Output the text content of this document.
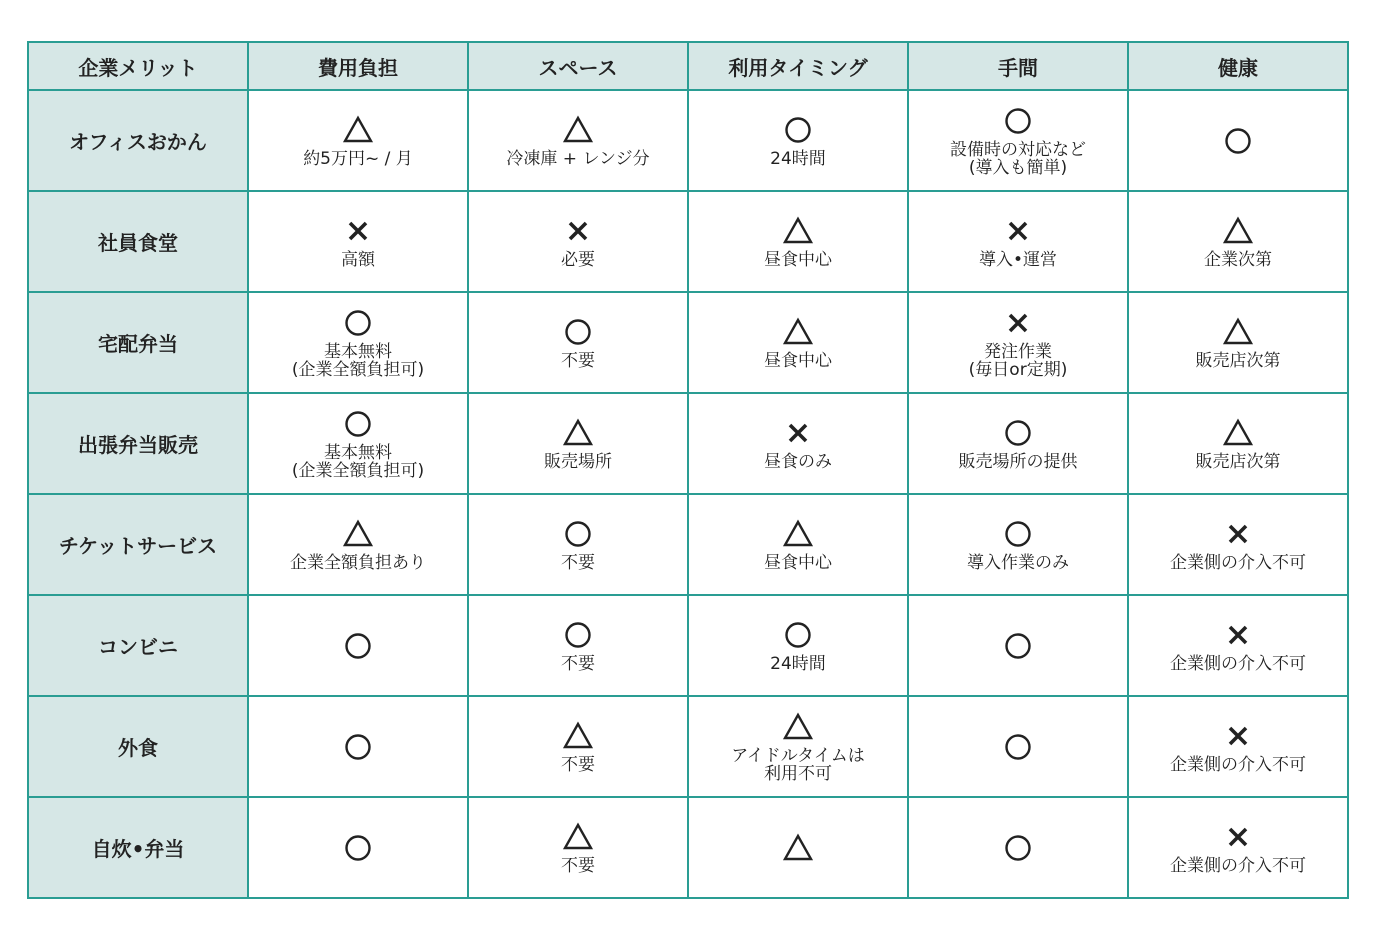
企業メリット	費用負担	スペース	利用タイミング	手間	健康
オフィスおかん	約5万円~ / 月	冷凍庫 + レンジ分	24時間	設備時の対応など
(導入も簡単)

社員食堂	高額	必要	昼食中心	導入•運営	企業次第

宅配弁当	基本無料
(企業全額負担可)	不要	昼食中心	発注作業
(毎日or定期)	販売店次第

出張弁当販売	基本無料
(企業全額負担可)	販売場所	昼食のみ	販売場所の提供	販売店次第

チケットサービス	企業全額負担あり	不要	昼食中心	導入作業のみ	企業側の介入不可

コンビニ		不要	24時間		企業側の介入不可

外食		不要	アイドルタイムは
利用不可		企業側の介入不可

自炊•弁当		不要			企業側の介入不可
